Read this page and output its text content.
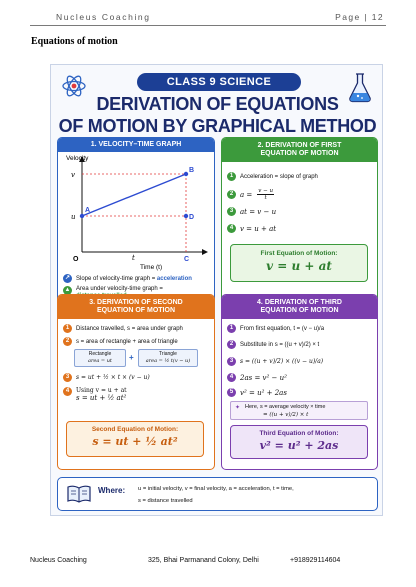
Nucleus Coaching	Page | 12
Equations of motion
CLASS 9 SCIENCE
DERIVATION OF EQUATIONS
OF MOTION BY GRAPHICAL METHOD
1. VELOCITY–TIME GRAPH
Velocity
v
u
O
A
B
D
C
t
Time (t)
↗ Slope of velocity-time graph = acceleration
▲ Area under velocity-time graph =

2. DERIVATION OF FIRST
EQUATION OF MOTION
1	Acceleration = slope of graph
2 $a = \frac{v - u}{t}$
3 at = v − u
4 v = u + at
First Equation of Motion:
v = u + at
3. DERIVATION OF SECOND
EQUATION OF MOTION
1	Distance travelled, s = area under graph
2	s = area of rectangle + area of triangle
Rectangle
area = ut	+	Triangle
area = ½ t(v − u)
3	s = ut + ½ × t × (v − u)
4	Using v = u + at
s = ut + ½ at²
Second Equation of Motion:
s = ut + ½ at²
4. DERIVATION OF THIRD
EQUATION OF MOTION
1	From first equation, t = (v − u)/a
2	Substitute in s = ((u + v)/2) × t
3	s = ((u + v)/2) × ((v − u)/a)
4 2as = v² − u²
5 v² = u² + 2as
✦ Here, s = average velocity × time
= ((u + v)/2) × t
Third Equation of Motion:
v² = u² + 2as
Where: u = initial velocity, v = final velocity, a = acceleration, t = time,
s = distance travelled
Nucleus Coaching	325, Bhai Parmanand Colony, Delhi	+918929114604
